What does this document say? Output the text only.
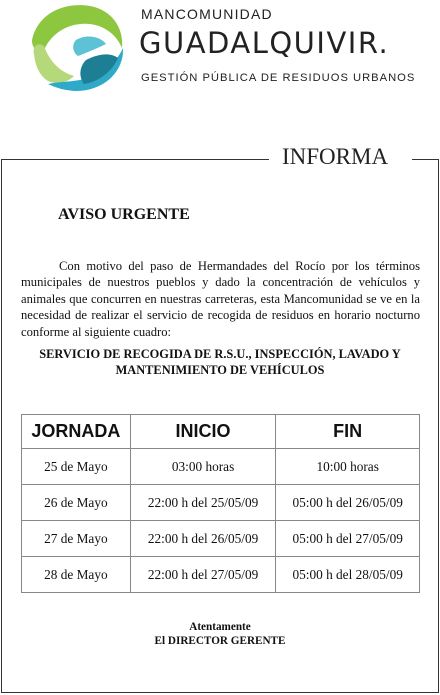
MANCOMUNIDAD
GUADALQUIVIR.
GESTIÓN PÚBLICA DE RESIDUOS URBANOS
INFORMA
AVISO URGENTE
Con motivo del paso de Hermandades del Rocío por los términos municipales de nuestros pueblos y dado la concentración de vehículos y animales que concurren en nuestras carreteras, esta Mancomunidad se ve en la necesidad de realizar el servicio de recogida de residuos en horario nocturno conforme al siguiente cuadro:
SERVICIO DE RECOGIDA DE R.S.U., INSPECCIÓN, LAVADO Y MANTENIMIENTO DE VEHÍCULOS
JORNADA	INICIO	FIN
25 de Mayo	03:00 horas	10:00 horas
26 de Mayo	22:00 h del 25/05/09	05:00 h del 26/05/09
27 de Mayo	22:00 h del 26/05/09	05:00 h del 27/05/09
28 de Mayo	22:00 h del 27/05/09	05:00 h del 28/05/09
Atentamente
El DIRECTOR GERENTE
